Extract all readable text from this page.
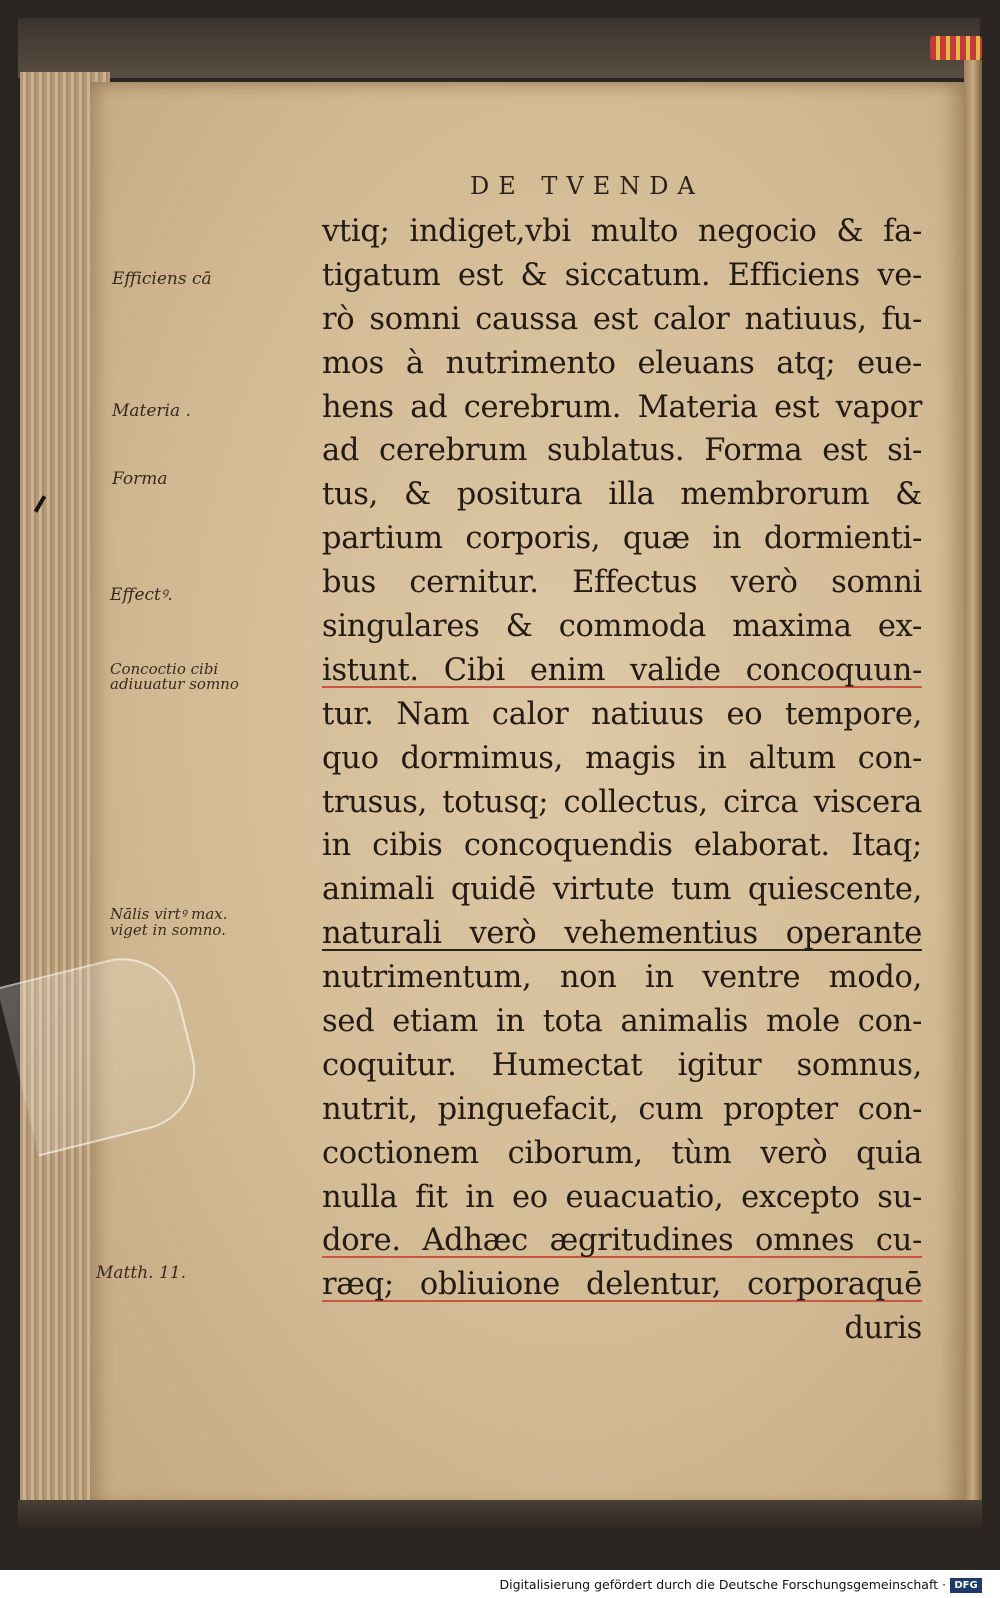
DE TVENDA
vtiq; indiget,vbi multo negocio & fa-
tigatum est & siccatum. Efficiens ve-
rò somni caussa est calor natiuus, fu-
mos à nutrimento eleuans atq; eue-
hens ad cerebrum. Materia est vapor
ad cerebrum sublatus. Forma est si-
tus, & positura illa membrorum &
partium corporis, quæ in dormienti-
bus cernitur. Effectus verò somni
singulares & commoda maxima ex-
istunt. Cibi enim valide concoquun-
tur. Nam calor natiuus eo tempore,
quo dormimus, magis in altum con-
trusus, totusq; collectus, circa viscera
in cibis concoquendis elaborat. Itaq;
animali quidē virtute tum quiescente,
naturali verò vehementius operante
nutrimentum, non in ventre modo,
sed etiam in tota animalis mole con-
coquitur. Humectat igitur somnus,
nutrit, pinguefacit, cum propter con-
coctionem ciborum, tùm verò quia
nulla fit in eo euacuatio, excepto su-
dore. Adhæc ægritudines omnes cu-
ræq; obliuione delentur, corporaquē
duris
Efficiens cā
Materia .
Forma
Effectꝰ.
Concoctio cibi
adiuuatur somno
Nālis virtꝰ max.
viget in somno.
Matth. 11.
Digitalisierung gefördert durch die Deutsche Forschungsgemeinschaft · DFG
